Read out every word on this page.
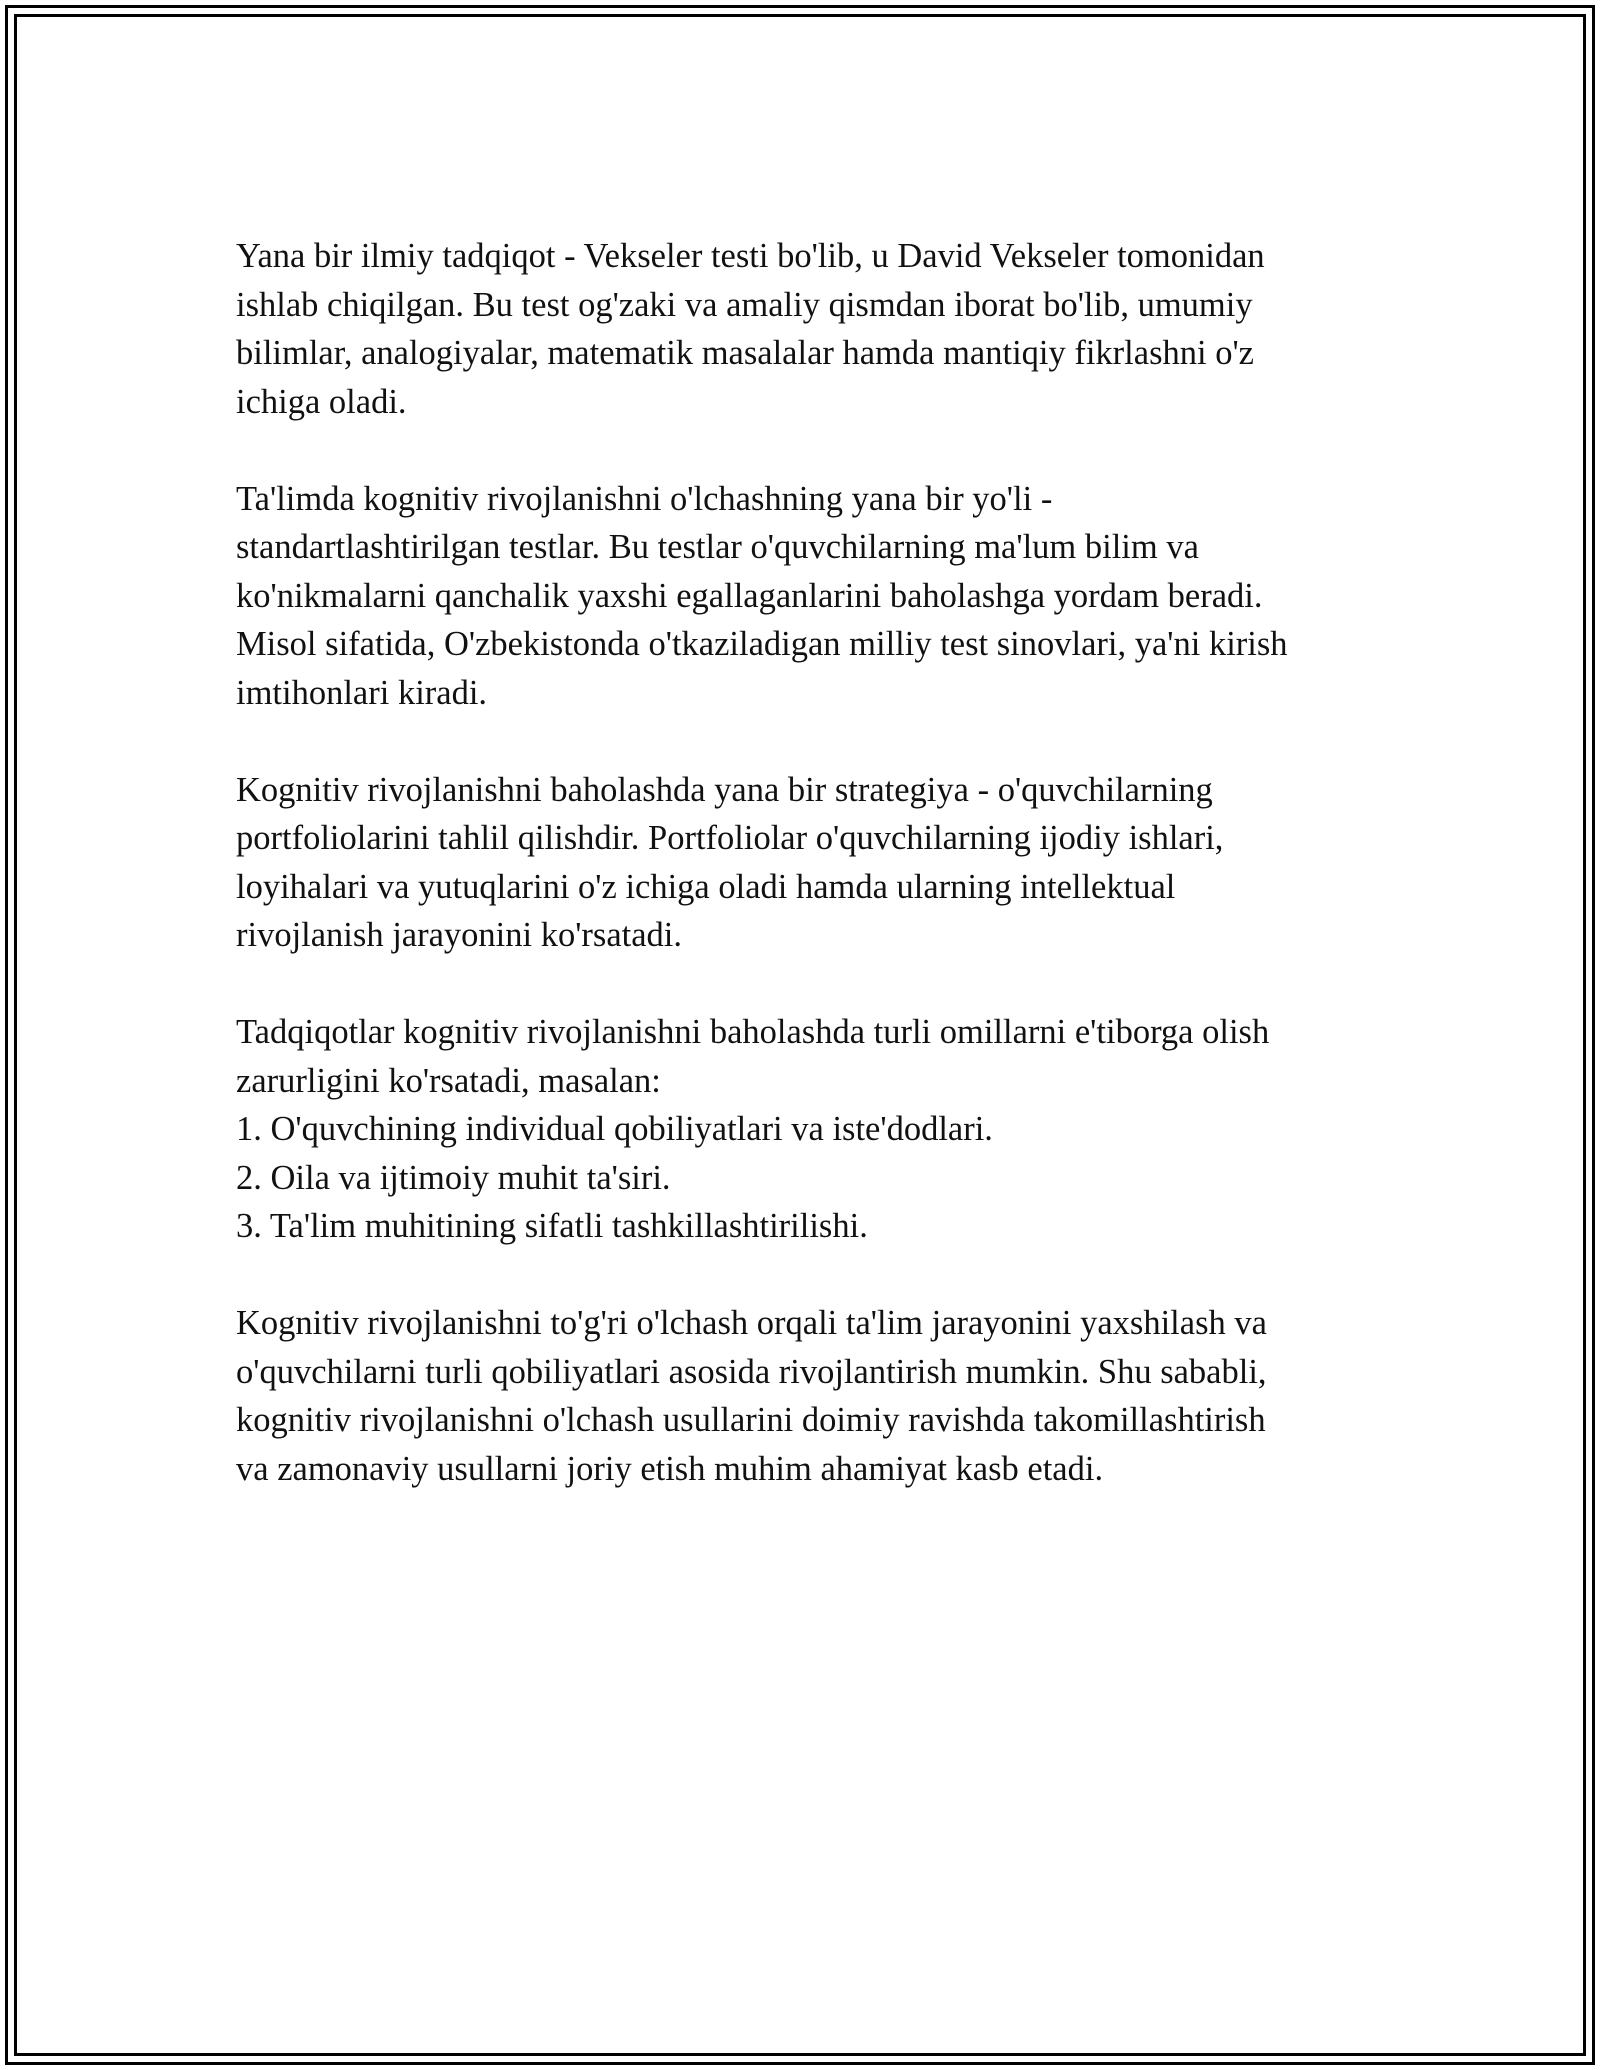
Yana bir ilmiy tadqiqot - Vekseler testi bo'lib, u David Vekseler tomonidan
ishlab chiqilgan. Bu test og'zaki va amaliy qismdan iborat bo'lib, umumiy
bilimlar, analogiyalar, matematik masalalar hamda mantiqiy fikrlashni o'z
ichiga oladi.

Ta'limda kognitiv rivojlanishni o'lchashning yana bir yo'li -
standartlashtirilgan testlar. Bu testlar o'quvchilarning ma'lum bilim va
ko'nikmalarni qanchalik yaxshi egallaganlarini baholashga yordam beradi.
Misol sifatida, O'zbekistonda o'tkaziladigan milliy test sinovlari, ya'ni kirish
imtihonlari kiradi.

Kognitiv rivojlanishni baholashda yana bir strategiya - o'quvchilarning
portfoliolarini tahlil qilishdir. Portfoliolar o'quvchilarning ijodiy ishlari,
loyihalari va yutuqlarini o'z ichiga oladi hamda ularning intellektual
rivojlanish jarayonini ko'rsatadi.

Tadqiqotlar kognitiv rivojlanishni baholashda turli omillarni e'tiborga olish
zarurligini ko'rsatadi, masalan:
1. O'quvchining individual qobiliyatlari va iste'dodlari.
2. Oila va ijtimoiy muhit ta'siri.
3. Ta'lim muhitining sifatli tashkillashtirilishi.

Kognitiv rivojlanishni to'g'ri o'lchash orqali ta'lim jarayonini yaxshilash va
o'quvchilarni turli qobiliyatlari asosida rivojlantirish mumkin. Shu sababli,
kognitiv rivojlanishni o'lchash usullarini doimiy ravishda takomillashtirish
va zamonaviy usullarni joriy etish muhim ahamiyat kasb etadi.
